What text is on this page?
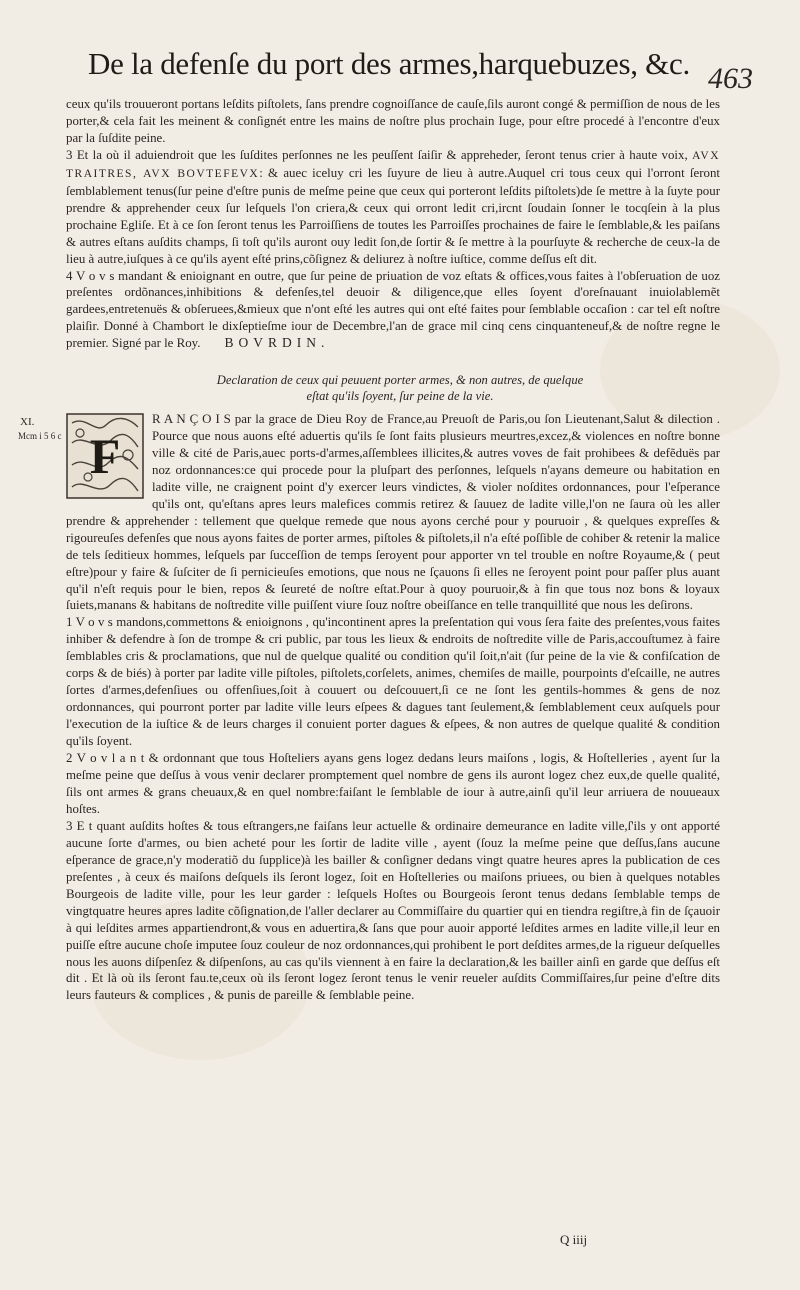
De la defenſe du port des armes,harquebuzes, &c. 463

ceux qu'ils trouueront portans leſdits piſtolets, ſans prendre cognoiſſance de cauſe,ſils auront congé & permiſſion de nous de les porter,& cela fait les meinent & conſignét entre les mains de noſtre plus prochain Iuge, pour eſtre procedé à l'encontre d'eux par la ſuſdite peine.

3 Et la où il aduiendroit que les ſuſdites perſonnes ne les peuſſent ſaiſir & appreheder, ſeront tenus crier à haute voix, AVX TRAITRES, AVX BOVTEFEVX: & auec iceluy cri les ſuyure de lieu à autre.Auquel cri tous ceux qui l'orront ſeront ſemblablement tenus(ſur peine d'eſtre punis de meſme peine que ceux qui porteront leſdits piſtolets)de ſe mettre à la ſuyte pour prendre & apprehender ceux ſur leſquels l'on criera,& ceux qui orront ledit cri,ircnt ſoudain ſonner le tocqſein à la plus prochaine Egliſe. Et à ce ſon ſeront tenus les Parroiſſiens de toutes les Parroiſſes prochaines de faire le ſemblable,& les paiſans & autres eſtans auſdits champs, ſi toſt qu'ils auront ouy ledit ſon,de ſortir & ſe mettre à la pourſuyte & recherche de ceux-la de lieu à autre,iuſques à ce qu'ils ayent eſté prins,cõſignez & deliurez à noſtre iuſtice, comme deſſus eſt dit.

4 V o v s mandant & enioignant en outre, que ſur peine de priuation de voz eſtats & offices,vous faites à l'obſeruation de uoz preſentes ordõnances,inhibitions & defenſes,tel deuoir & diligence,que elles ſoyent d'oreſnauant inuiolablemẽt gardees,entretenuës & obſeruees,&mieux que n'ont eſté les autres qui ont eſté faites pour ſemblable occaſion : car tel eſt noſtre plaiſir. Donné à Chambort le dixſeptieſme iour de Decembre,l'an de grace mil cinq cens cinquanteneuf,& de noſtre regne le premier. Signé par le Roy. BOVRDIN.

Declaration de ceux qui peuuent porter armes, & non autres, de quelque
eſtat qu'ils ſoyent, ſur peine de la vie.
XI.
Mcm i 5 6 c F

R A N Ç O I S par la grace de Dieu Roy de France,au Preuoſt de Paris,ou ſon Lieutenant,Salut & dilection . Pource que nous auons eſté aduertis qu'ils ſe ſont faits plusieurs meurtres,excez,& violences en noſtre bonne ville & cité de Paris,auec ports-d'armes,aſſemblees illicites,& autres voves de fait prohibees & defẽduës par noz ordonnances:ce qui procede pour la pluſpart des perſonnes, leſquels n'ayans demeure ou habitation en ladite ville, ne craignent point d'y exercer leurs vindictes, & violer noſdites ordonnances, pour l'eſperance qu'ils ont, qu'eſtans apres leurs malefices commis retirez & ſauuez de ladite ville,l'on ne ſaura où les aller prendre & apprehender : tellement que quelque remede que nous ayons cerché pour y pouruoir , & quelques expreſſes & rigoureuſes defenſes que nous ayons faites de porter armes, piſtoles & piſtolets,il n'a eſté poſſible de cohiber & retenir la malice de tels ſeditieux hommes, leſquels par ſucceſſion de temps ſeroyent pour apporter vn tel trouble en noſtre Royaume,& ( peut eſtre)pour y faire & ſuſciter de ſi pernicieuſes emotions, que nous ne ſçauons ſi elles ne ſeroyent point pour paſſer plus auant qu'il n'eſt requis pour le bien, repos & ſeureté de noſtre eſtat.Pour à quoy pouruoir,& à fin que tous noz bons & loyaux ſuiets,manans & habitans de noſtredite ville puiſſent viure ſouz noſtre obeiſſance en telle tranquillité que nous les deſirons.

1 V o v s mandons,commettons & enioignons , qu'incontinent apres la preſentation qui vous ſera faite des preſentes,vous faites inhiber & defendre à ſon de trompe & cri public, par tous les lieux & endroits de noſtredite ville de Paris,accouſtumez à faire ſemblables cris & proclamations, que nul de quelque qualité ou condition qu'il ſoit,n'ait (ſur peine de la vie & confiſcation de corps & de biés) à porter par ladite ville piſtoles, piſtolets,corſelets, animes, chemiſes de maille, pourpoints d'eſcaille, ne autres ſortes d'armes,defenſiues ou offenſiues,ſoit à couuert ou deſcouuert,ſi ce ne ſont les gentils-hommes & gens de noz ordonnances, qui pourront porter par ladite ville leurs eſpees & dagues tant ſeulement,& ſemblablement ceux auſquels pour l'execution de la iuſtice & de leurs charges il conuient porter dagues & eſpees, & non autres de quelque qualité & condition qu'ils ſoyent.

2 V o v l a n t & ordonnant que tous Hoſteliers ayans gens logez dedans leurs maiſons , logis, & Hoſtelleries , ayent ſur la meſme peine que deſſus à vous venir declarer promptement quel nombre de gens ils auront logez chez eux,de quelle qualité, ſils ont armes & grans cheuaux,& en quel nombre:faiſant le ſemblable de iour à autre,ainſi qu'il leur arriuera de nouueaux hoſtes.

3 E t quant auſdits hoſtes & tous eſtrangers,ne faiſans leur actuelle & ordinaire demeurance en ladite ville,ſ'ils y ont apporté aucune ſorte d'armes, ou bien acheté pour les ſortir de ladite ville , ayent (ſouz la meſme peine que deſſus,ſans aucune eſperance de grace,n'y moderatiõ du ſupplice)à les bailler & conſigner dedans vingt quatre heures apres la publication de ces preſentes , à ceux és maiſons deſquels ils ſeront logez, ſoit en Hoſtelleries ou maiſons priuees, ou bien à quelques notables Bourgeois de ladite ville, pour les leur garder : leſquels Hoſtes ou Bourgeois ſeront tenus dedans ſemblable temps de vingtquatre heures apres ladite cõſignation,de l'aller declarer au Commiſſaire du quartier qui en tiendra regiſtre,à fin de ſçauoir à qui leſdites armes appartiendront,& vous en aduertira,& ſans que pour auoir apporté leſdites armes en ladite ville,il leur en puiſſe eſtre aucune choſe imputee ſouz couleur de noz ordonnances,qui prohibent le port deſdites armes,de la rigueur deſquelles nous les auons diſpenſez & diſpenſons, au cas qu'ils viennent à en faire la declaration,& les bailler ainſi en garde que deſſus eſt dit . Et là où ils ſeront fau.te,ceux où ils ſeront logez ſeront tenus le venir reueler auſdits Commiſſaires,ſur peine d'eſtre dits leurs fauteurs & complices , & punis de pareille & ſemblable peine.

Q iiij
